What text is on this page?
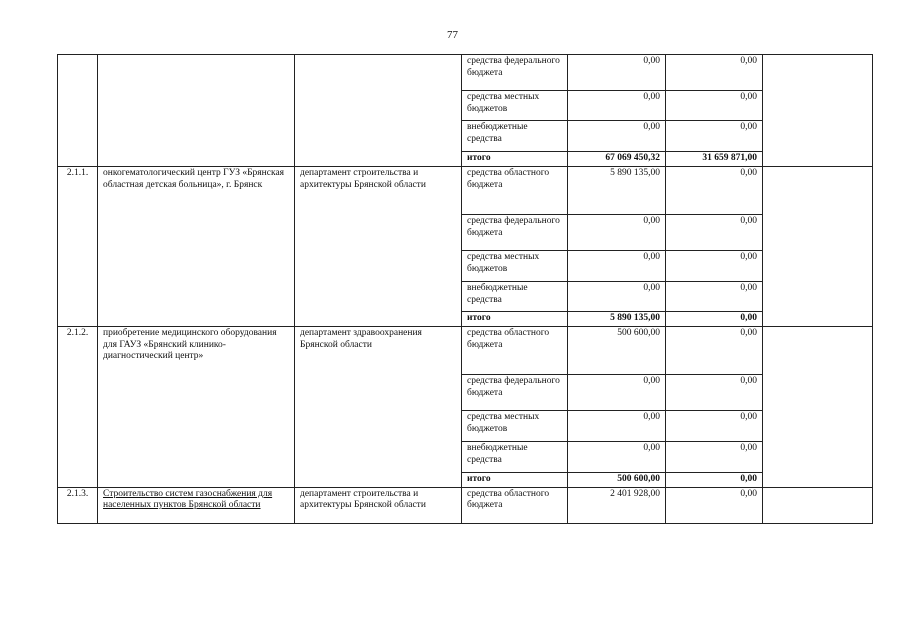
77
			средства федерального бюджета	0,00	0,00	
			средства местных бюджетов	0,00	0,00	
			внебюджетные средства	0,00	0,00	
			итого	67 069 450,32	31 659 871,00	
2.1.1.	онкогематологический центр ГУЗ «Брянская областная детская больница», г. Брянск	департамент строительства и архитектуры Брянской области	средства областного бюджета	5 890 135,00	0,00	
			средства федерального бюджета	0,00	0,00	
			средства местных бюджетов	0,00	0,00	
			внебюджетные средства	0,00	0,00	
			итого	5 890 135,00	0,00	
2.1.2.	приобретение медицинского оборудования для ГАУЗ «Брянский клинико-диагностический центр»	департамент здравоохранения Брянской области	средства областного бюджета	500 600,00	0,00	
			средства федерального бюджета	0,00	0,00	
			средства местных бюджетов	0,00	0,00	
			внебюджетные средства	0,00	0,00	
			итого	500 600,00	0,00	
2.1.3.	Строительство систем газоснабжения для населенных пунктов Брянской области	департамент строительства и архитектуры Брянской области	средства областного бюджета	2 401 928,00	0,00	
